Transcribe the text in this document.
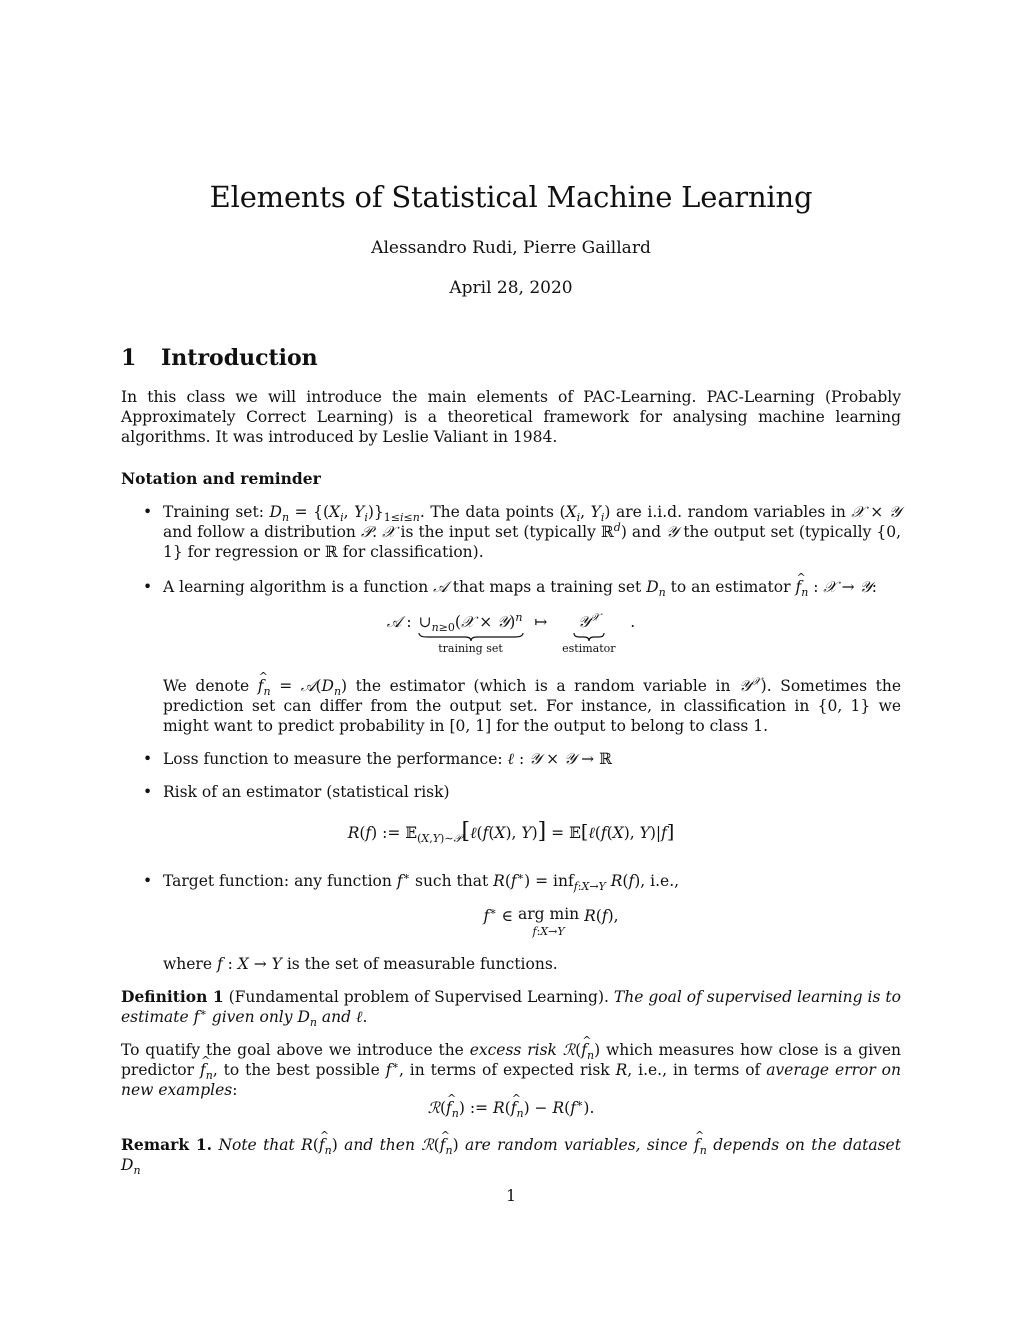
Elements of Statistical Machine Learning
Alessandro Rudi, Pierre Gaillard
April 28, 2020
1 Introduction
In this class we will introduce the main elements of PAC-Learning. PAC-Learning (Probably Approximately Correct Learning) is a theoretical framework for analysing machine learning algorithms. It was introduced by Leslie Valiant in 1984.
Notation and reminder
• Training set: $D_n = \{(X_i$, $Y_i)\}_{1\le i\le n}$. The data points ($X_i$, $Y_i$) are i.i.d. random variables in 𝒳 × 𝒴 and follow a distribution 𝒫. 𝒳 is the input set (typically ℝ$^d$) and 𝒴 the output set (typically {0, 1} for regression or ℝ for classification).
• A learning algorithm is a function 𝒜 that maps a training set $D_n$ to an estimator ^ $f_n$ : 𝒳 → 𝒴:
𝒜 : $\cup_{n\ge 0}(𝒳$ × 𝒴)$^n$
training set
↦   𝒴$^𝒳$
estimator
.
We denote ^ $f_n$ = $𝒜(D_n)$ the estimator (which is a random variable in 𝒴$^𝒳$). Sometimes the prediction set can differ from the output set. For instance, in classification in {0, 1} we might want to predict probability in [0, 1] for the output to belong to class 1.
• Loss function to measure the performance: ℓ : 𝒴 × 𝒴 → ℝ
• Risk of an estimator (statistical risk)
R(f) := 𝔼$_{(X,Y)\sim 𝒫}$[ℓ(f(X), Y)] = 𝔼[ℓ(f(X), Y)|f]
• Target function: any function f∗ such that R(f∗) = inf$_{f:X\to Y}$ R(f), i.e.,
f∗ ∈ arg min
f:X→Y R(f),
where f : X → Y is the set of measurable functions.
Definition 1 (Fundamental problem of Supervised Learning). The goal of supervised learning is to estimate f∗ given only $D_n$ and ℓ.
To quatify the goal above we introduce the excess risk ℛ(^ $f_n$) which measures how close is a given predictor ^ $f_n$, to the best possible f∗, in terms of expected risk R, i.e., in terms of average error on new examples:
ℛ(^ $f_n$) := R(^ $f_n) - R(f^∗)$.
Remark 1. Note that R(^ $f_n$) and then ℛ(^ $f_n$) are random variables, since ^ $f_n$ depends on the dataset $D_n$
1
